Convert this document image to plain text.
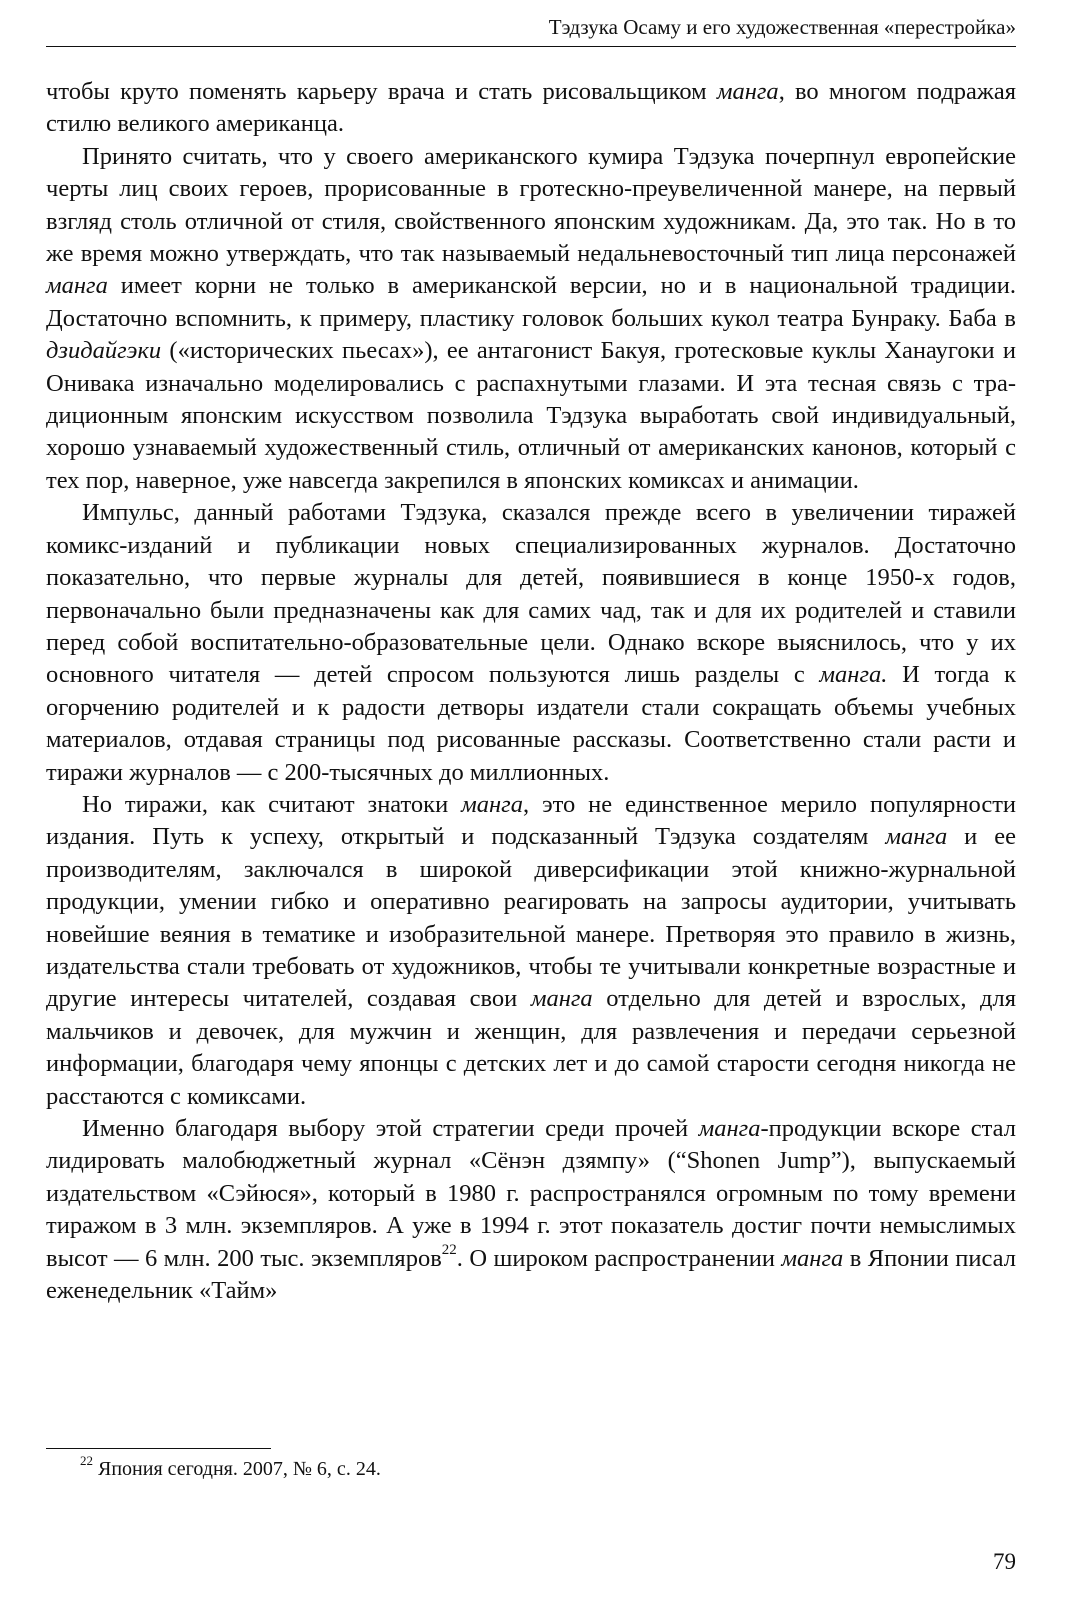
Тэдзука Осаму и его художественная «перестройка»

чтобы круто поменять карьеру врача и стать рисовальщиком манга, во многом подражая стилю великого американца.

Принято считать, что у своего американского кумира Тэдзука почерпнул европейские черты лиц своих героев, прорисованные в гротескно-преувеличенной манере, на первый взгляд столь отличной от стиля, свойственного японским художникам. Да, это так. Но в то же время можно утверждать, что так называемый недальневосточный тип лица персонажей манга имеет корни не только в американской версии, но и в национальной традиции. Достаточно вспомнить, к примеру, пластику головок больших кукол театра Бунраку. Баба в дзидайгэки («исторических пьесах»), ее антагонист Бакуя, гротесковые куклы Ханаугоки и Онивака изначально моделировались с распахнутыми глазами. И эта тесная связь с традиционным японским искусством позволила Тэдзука выработать свой индивидуальный, хорошо узнаваемый художественный стиль, отличный от американских канонов, который с тех пор, наверное, уже навсегда закрепился в японских комиксах и анимации.

Импульс, данный работами Тэдзука, сказался прежде всего в увеличении тиражей комикс-изданий и публикации новых специализированных журналов. Достаточно показательно, что первые журналы для детей, появившиеся в конце 1950-х годов, первоначально были предназначены как для самих чад, так и для их родителей и ставили перед собой воспитательно-образовательные цели. Однако вскоре выяснилось, что у их основного читателя — детей спросом пользуются лишь разделы с манга. И тогда к огорчению родителей и к радости детворы издатели стали сокращать объемы учебных материалов, отдавая страницы под рисованные рассказы. Соответственно стали расти и тиражи журналов — с 200-тысячных до миллионных.

Но тиражи, как считают знатоки манга, это не единственное мерило популярности издания. Путь к успеху, открытый и подсказанный Тэдзука создателям манга и ее производителям, заключался в широкой диверсификации этой книжно-журнальной продукции, умении гибко и оперативно реагировать на запросы аудитории, учитывать новейшие веяния в тематике и изобразительной манере. Претворяя это правило в жизнь, издательства стали требовать от художников, чтобы те учитывали конкретные возрастные и другие интересы читателей, создавая свои манга отдельно для детей и взрослых, для мальчиков и девочек, для мужчин и женщин, для развлечения и передачи серьезной информации, благодаря чему японцы с детских лет и до самой старости сегодня никогда не расстаются с комиксами.

Именно благодаря выбору этой стратегии среди прочей манга-продукции вскоре стал лидировать малобюджетный журнал «Сёнэн дзямпу» (“Shonen Jump”), выпускаемый издательством «Сэйюся», который в 1980 г. распространялся огромным по тому времени тиражом в 3 млн. экземпляров. А уже в 1994 г. этот показатель достиг почти немыслимых высот — 6 млн. 200 тыс. экземпляров$^{22}$. О широком распространении манга в Японии писал еженедельник «Тайм»

$^{22}$ Япония сегодня. 2007, № 6, с. 24.
79
